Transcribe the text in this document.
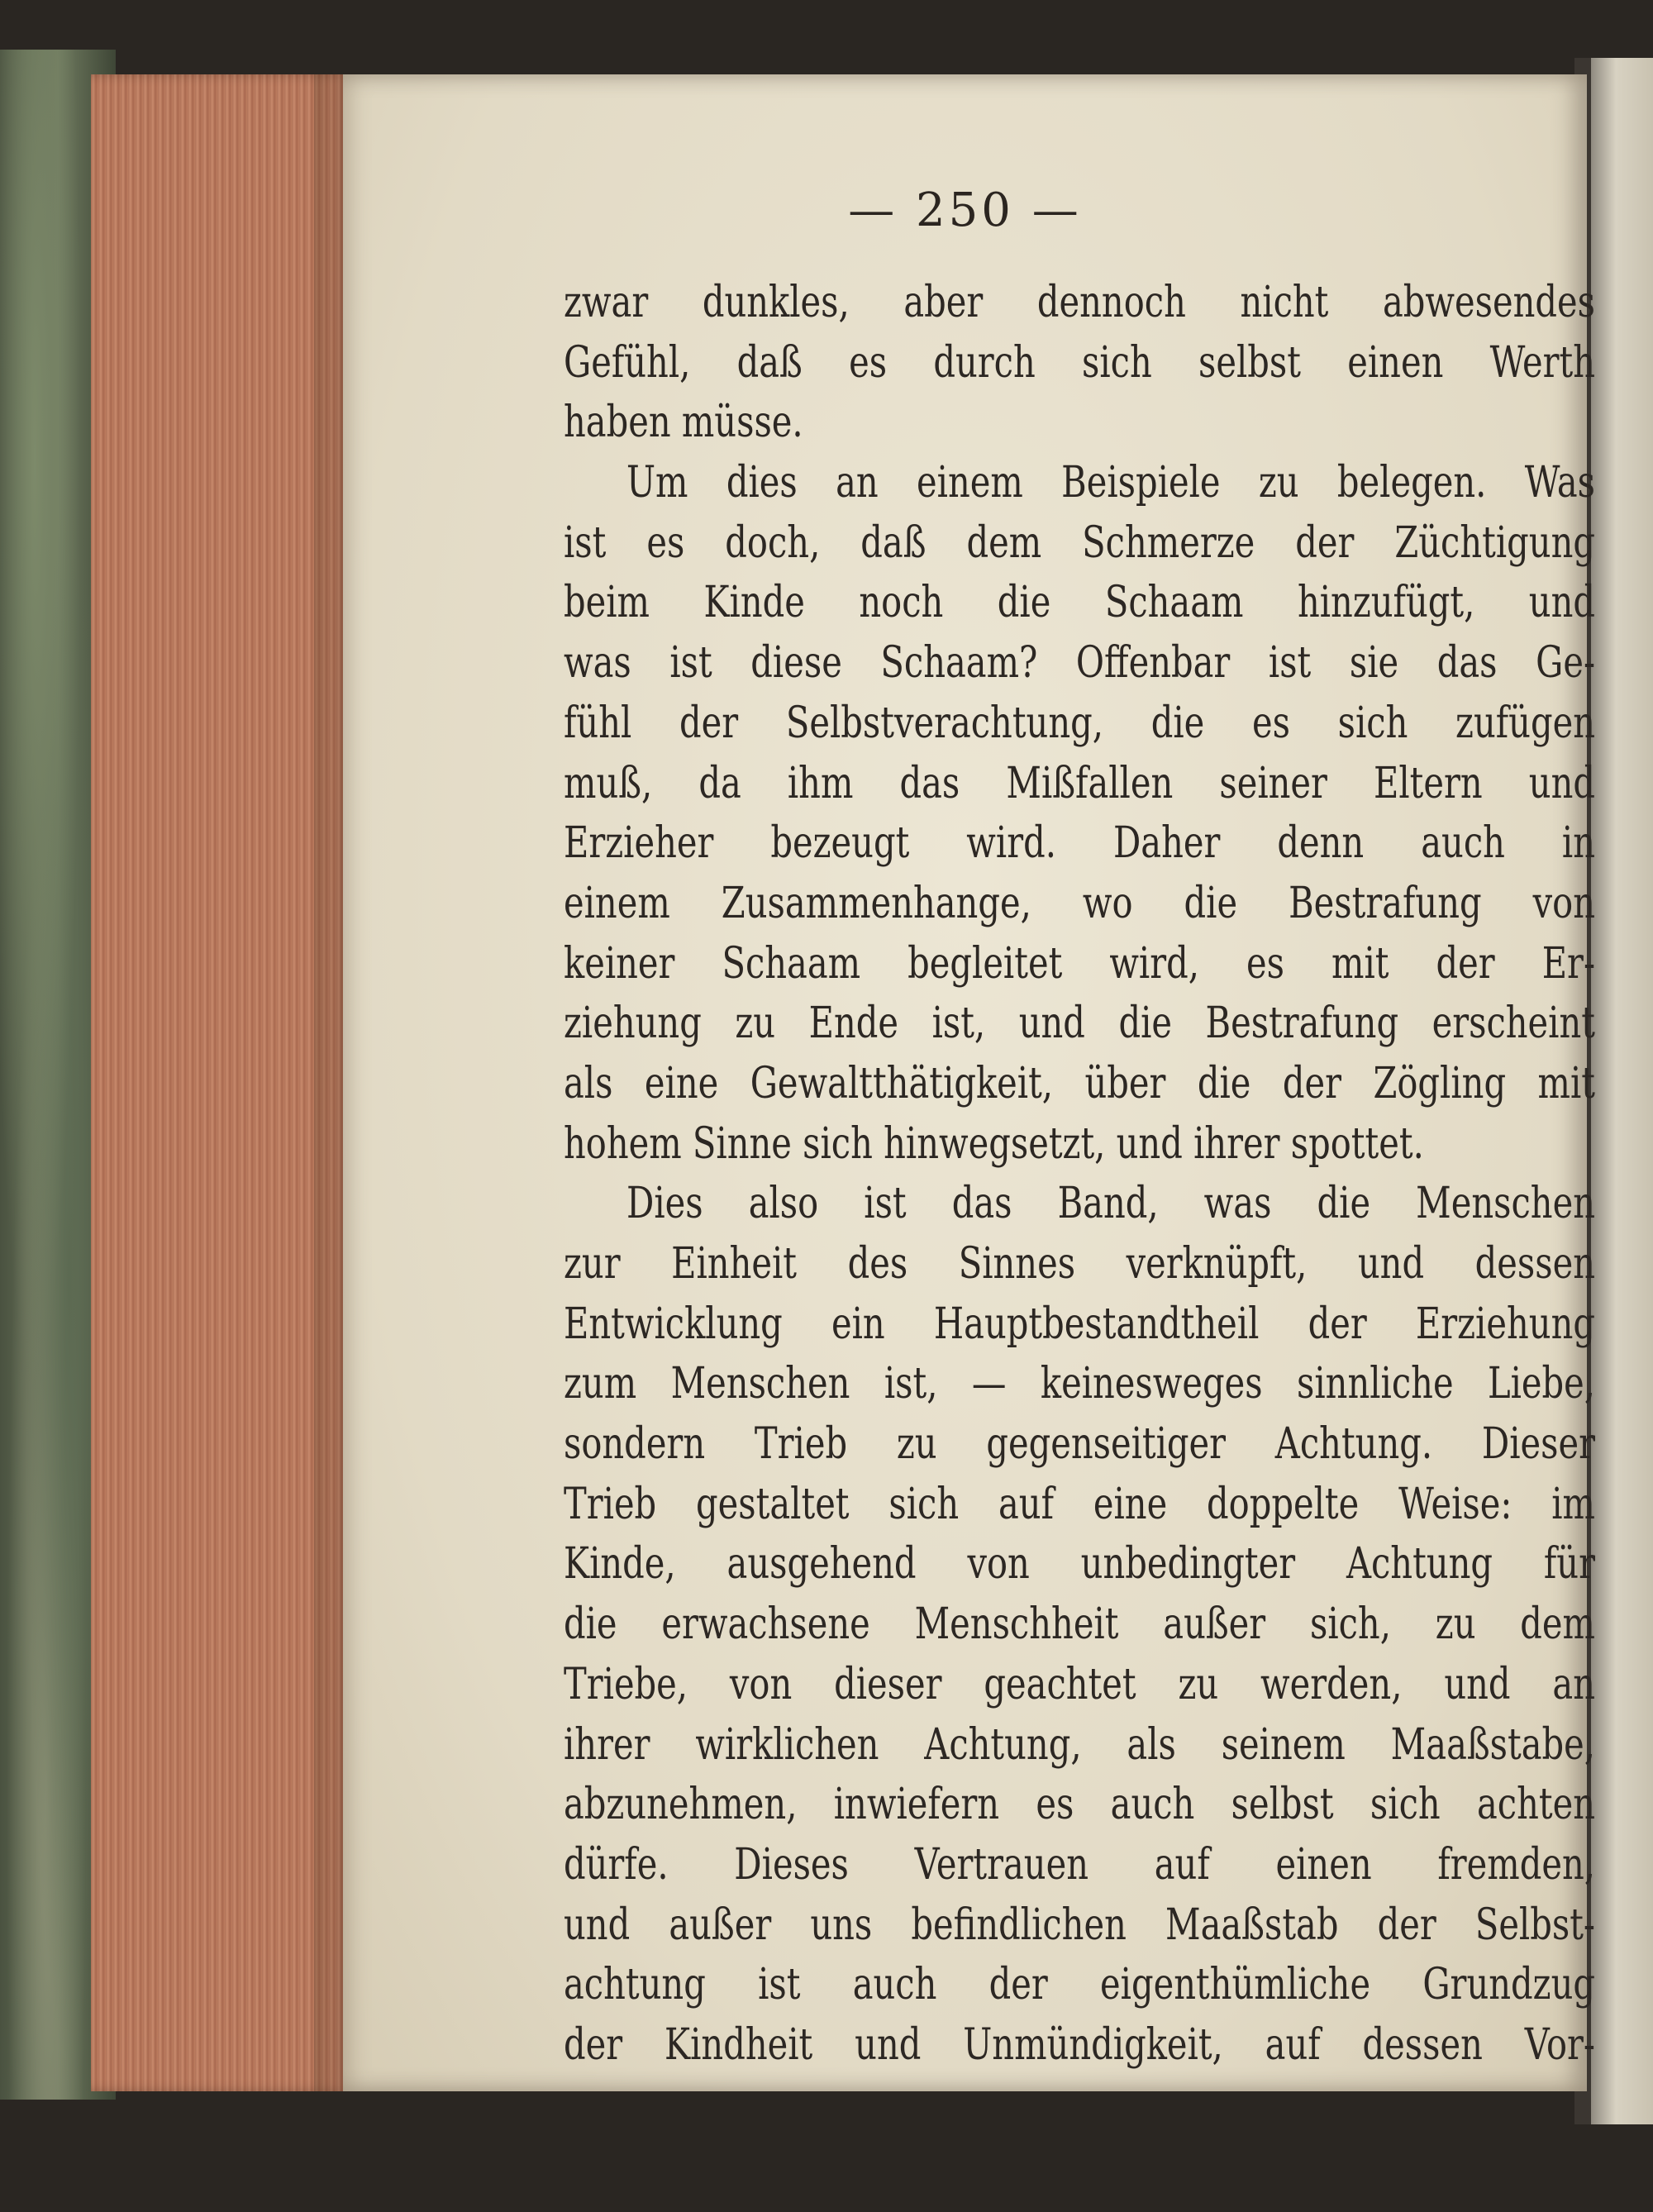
— 250 —
zwar dunkles, aber dennoch nicht abwesendes
Gefühl, daß es durch sich selbst einen Werth
haben müsse.
Um dies an einem Beispiele zu belegen. Was
ist es doch, daß dem Schmerze der Züchtigung
beim Kinde noch die Schaam hinzufügt, und
was ist diese Schaam? Offenbar ist sie das Ge-
fühl der Selbstverachtung, die es sich zufügen
muß, da ihm das Mißfallen seiner Eltern und
Erzieher bezeugt wird. Daher denn auch in
einem Zusammenhange, wo die Bestrafung von
keiner Schaam begleitet wird, es mit der Er-
ziehung zu Ende ist, und die Bestrafung erscheint
als eine Gewaltthätigkeit, über die der Zögling mit
hohem Sinne sich hinwegsetzt, und ihrer spottet.
Dies also ist das Band, was die Menschen
zur Einheit des Sinnes verknüpft, und dessen
Entwicklung ein Hauptbestandtheil der Erziehung
zum Menschen ist, — keinesweges sinnliche Liebe,
sondern Trieb zu gegenseitiger Achtung. Dieser
Trieb gestaltet sich auf eine doppelte Weise: im
Kinde, ausgehend von unbedingter Achtung für
die erwachsene Menschheit außer sich, zu dem
Triebe, von dieser geachtet zu werden, und an
ihrer wirklichen Achtung, als seinem Maaßstabe,
abzunehmen, inwiefern es auch selbst sich achten
dürfe. Dieses Vertrauen auf einen fremden,
und außer uns befindlichen Maaßstab der Selbst-
achtung ist auch der eigenthümliche Grundzug
der Kindheit und Unmündigkeit, auf dessen Vor-
